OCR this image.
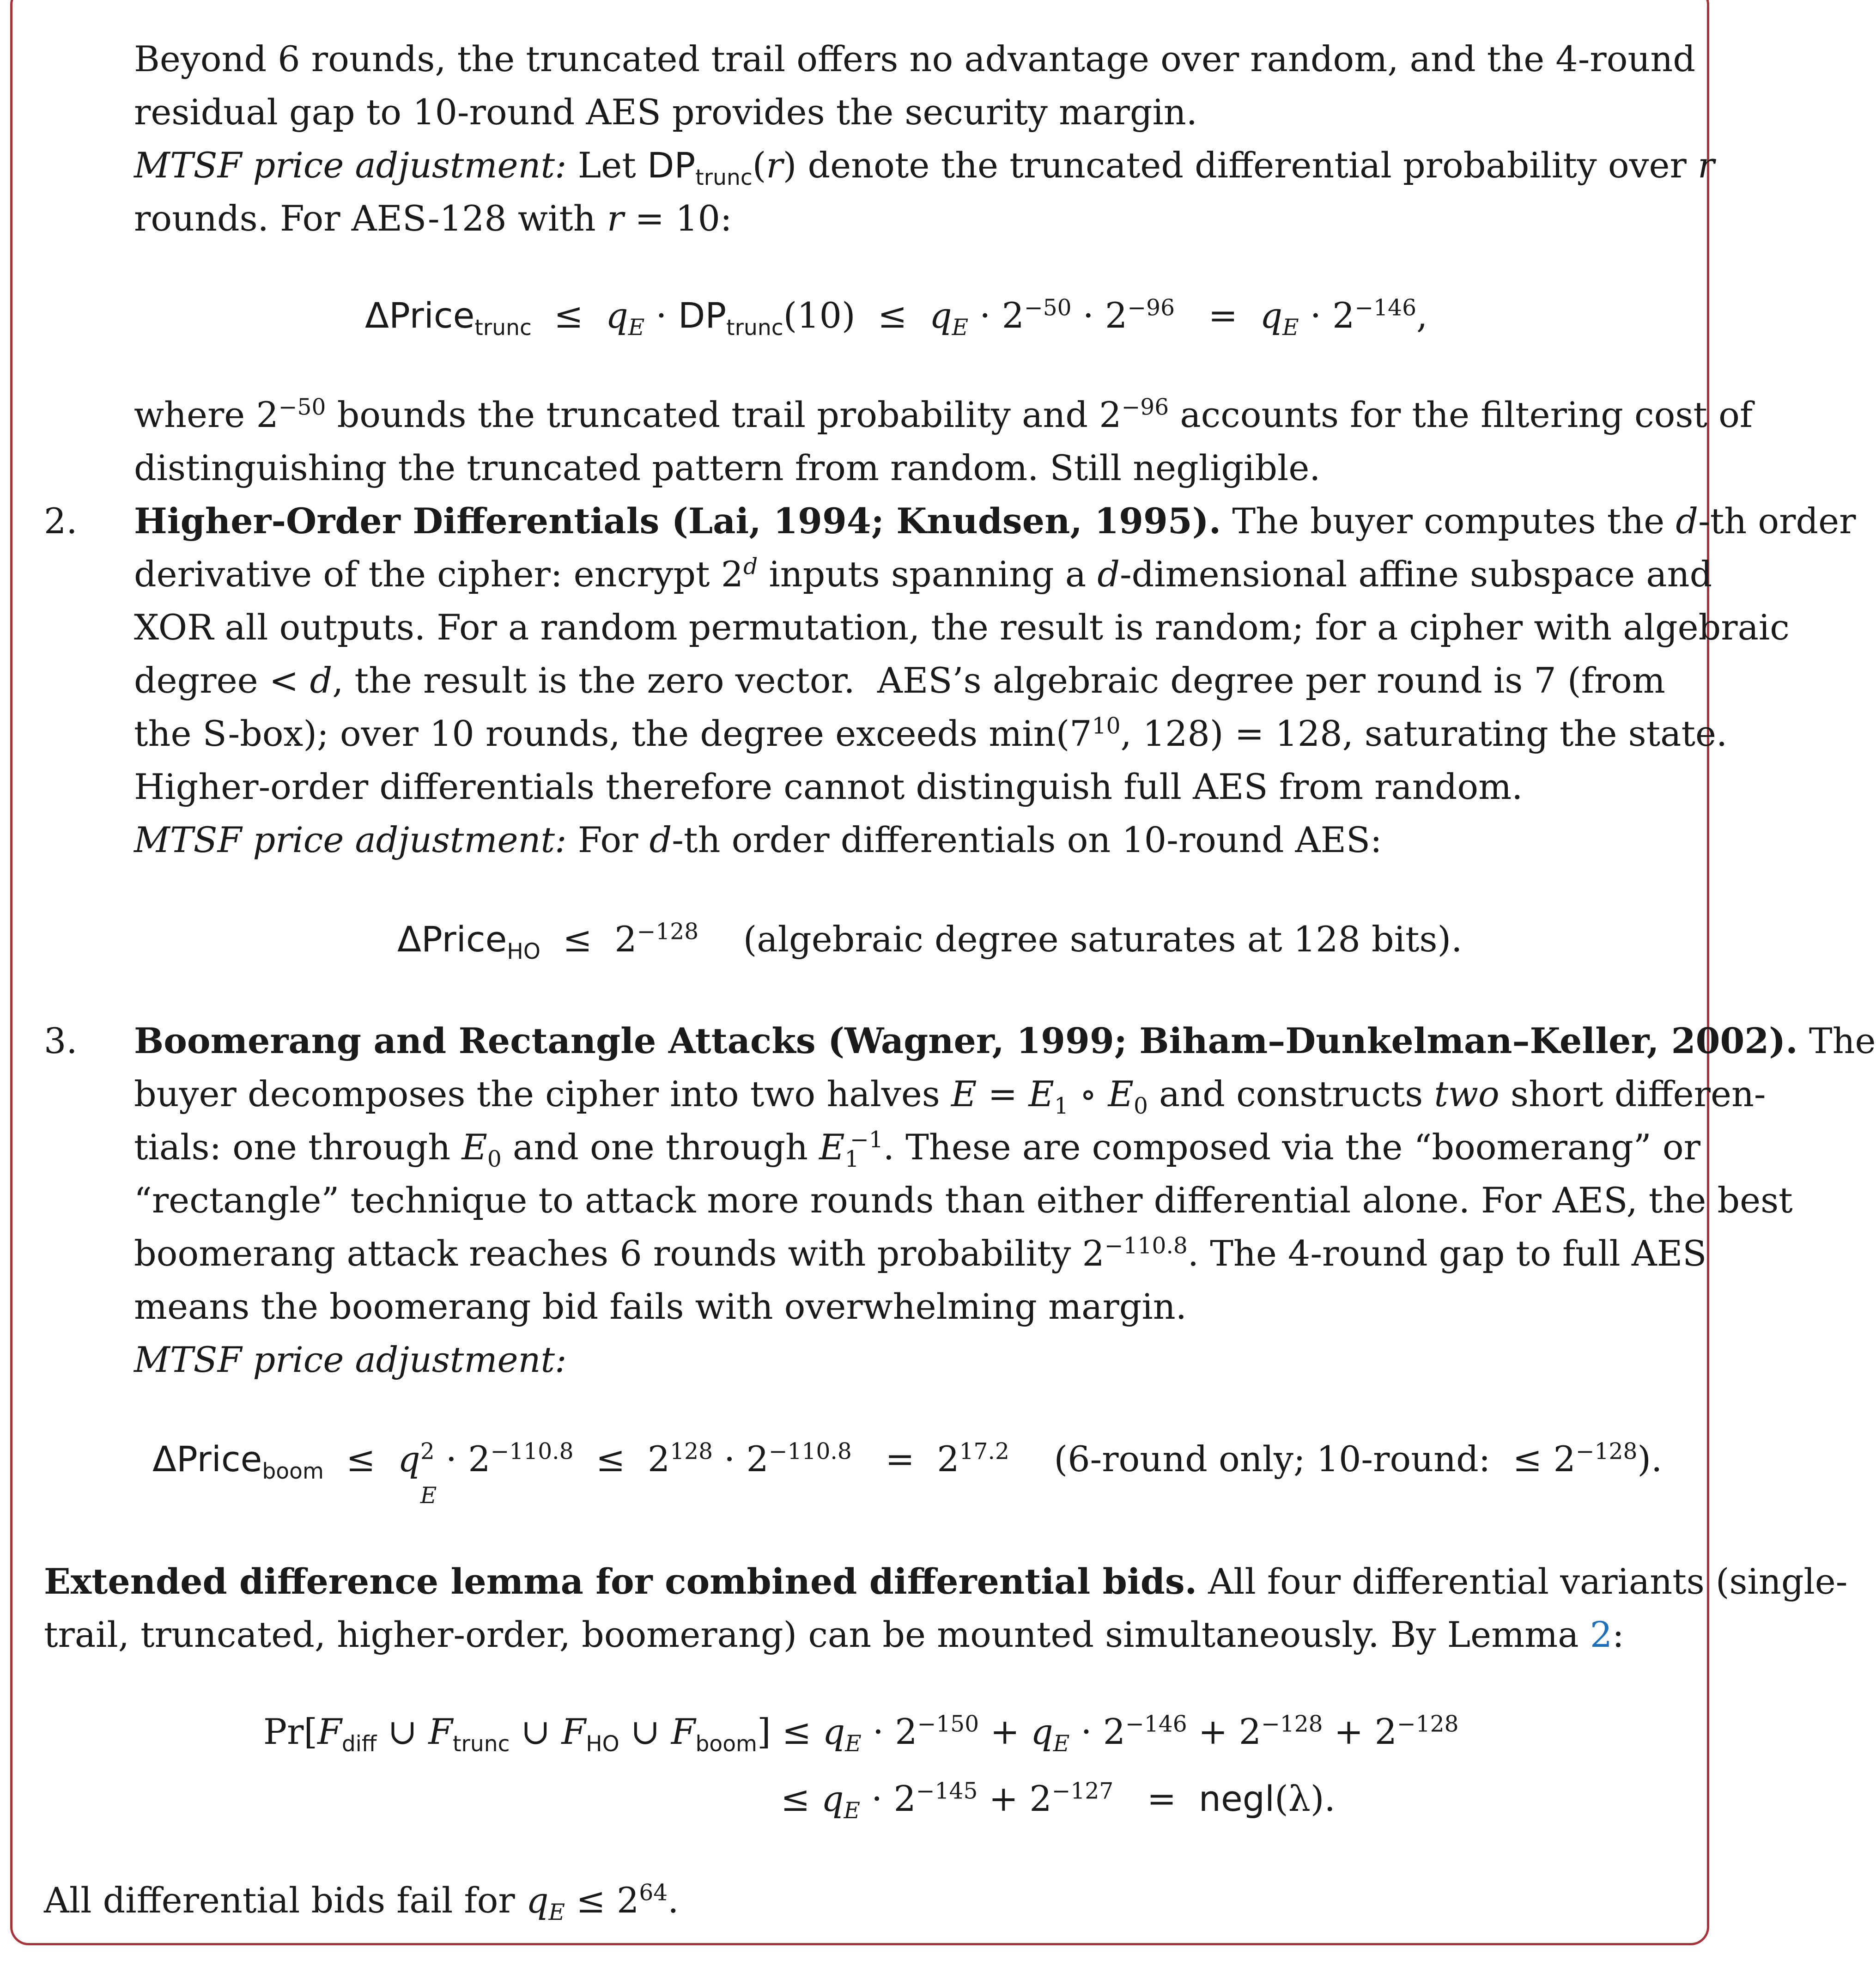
Beyond 6 rounds, the truncated trail offers no advantage over random, and the 4-round
residual gap to 10-round AES provides the security margin.
MTSF price adjustment: Let $DP_{trunc}(r)$ denote the truncated differential probability over r
rounds. For AES-128 with r = 10:
ΔPrice$_{trunc}$  ≤  $q_E \cdot DP_{trunc}(10) \le q_E \cdot 2^{-50} \cdot 2^{-96} = q_E \cdot 2^{-146}$,
where $2^{-50}$ bounds the truncated trail probability and $2^{-96}$ accounts for the filtering cost of
distinguishing the truncated pattern from random. Still negligible.
2. Higher-Order Differentials (Lai, 1994; Knudsen, 1995). The buyer computes the d-th order
derivative of the cipher: encrypt 2$^d$ inputs spanning a d-dimensional affine subspace and
XOR all outputs. For a random permutation, the result is random; for a cipher with algebraic
degree < d, the result is the zero vector.  AES’s algebraic degree per round is 7 (from
the S-box); over 10 rounds, the degree exceeds $\min(7^{10}$, 128) = 128, saturating the state.
Higher-order differentials therefore cannot distinguish full AES from random.
MTSF price adjustment: For d-th order differentials on 10-round AES:
ΔPrice$_{HO}$  ≤  $2^{-128}$    (algebraic degree saturates at 128 bits).
3. Boomerang and Rectangle Attacks (Wagner, 1999; Biham–Dunkelman–Keller, 2002). The
buyer decomposes the cipher into two halves $E = E_1$ ∘ $E_0$ and constructs two short differen-
tials: one through $E_0$ and one through $E_1^{-1}$. These are composed via the “boomerang” or
“rectangle” technique to attack more rounds than either differential alone. For AES, the best
boomerang attack reaches 6 rounds with probability $2^{-110.8}$. The 4-round gap to full AES
means the boomerang bid fails with overwhelming margin.
MTSF price adjustment:
ΔPrice$_{boom}$  ≤  $q^2$
E
· $2^{-110.8} \le 2^{128} \cdot 2^{-110.8} = 2^{17.2}$    (6-round only; 10-round:  ≤ $2^{-128}$).
Extended difference lemma for combined differential bids. All four differential variants (single-
trail, truncated, higher-order, boomerang) can be mounted simultaneously. By Lemma 2:
$Pr[F_{diff}$ ∪ $F_{trunc}$ ∪ $F_{HO}$ ∪ $F_{boom}] \le q_E \cdot 2^{-150} + q_E \cdot 2^{-146} + 2^{-128} + 2^{-128}$
≤ $q_E \cdot 2^{-145} + 2^{-127}$   =  negl(λ).
All differential bids fail for $q_E \le 2^{64}$.
